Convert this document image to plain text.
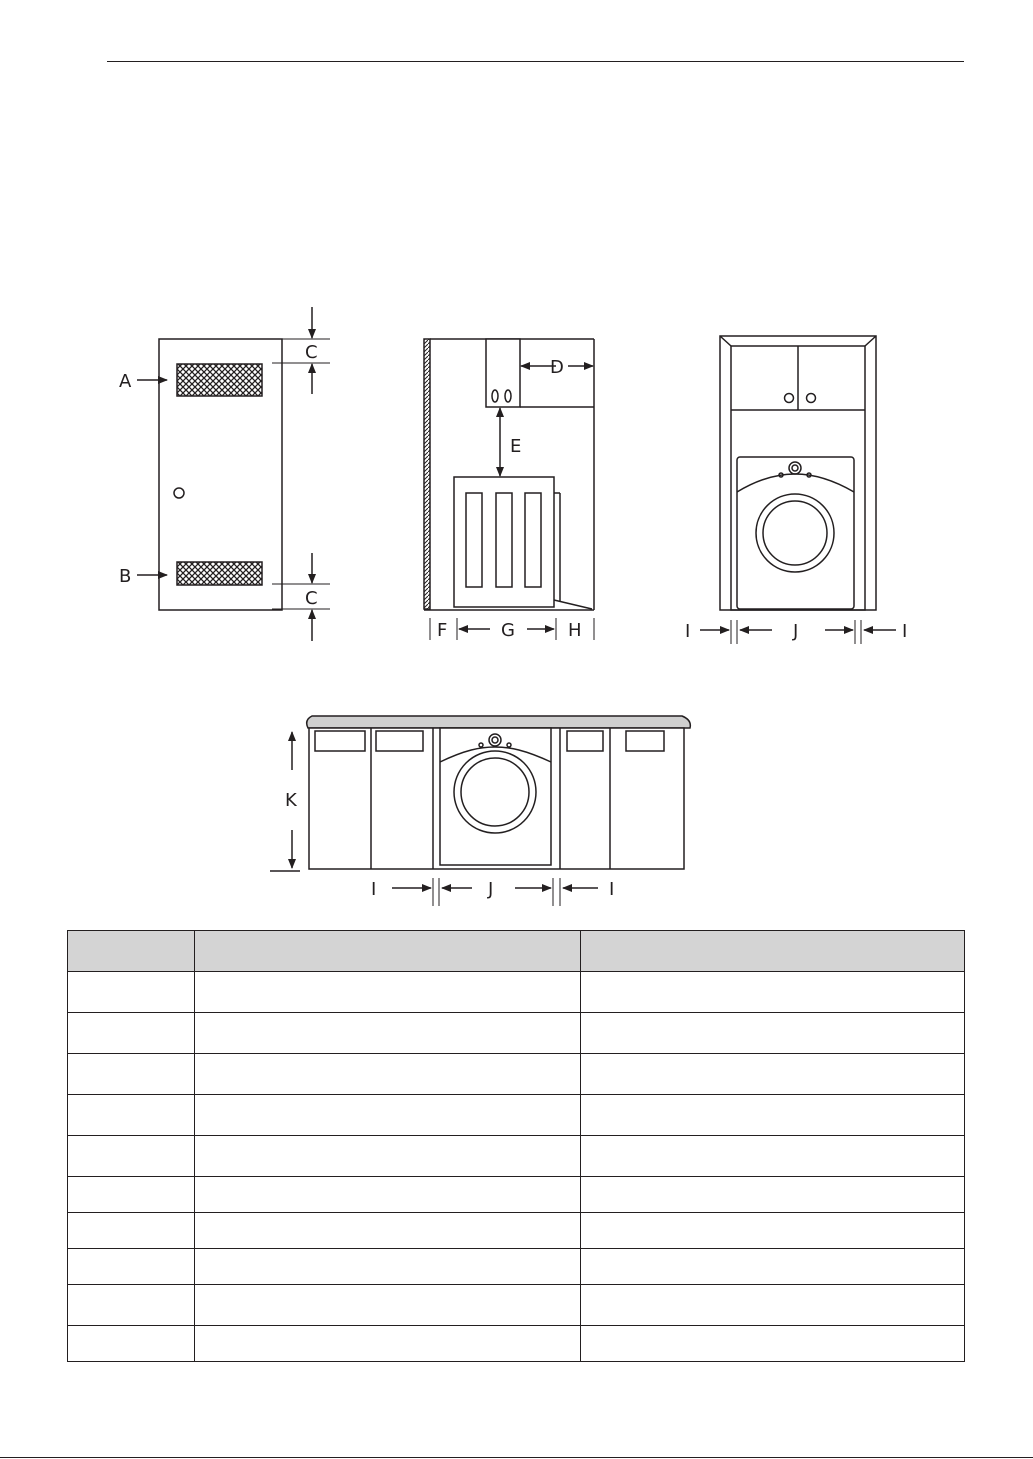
A
B
C
C
D
E
F	G	H	I	J	I
K
I	J	I
